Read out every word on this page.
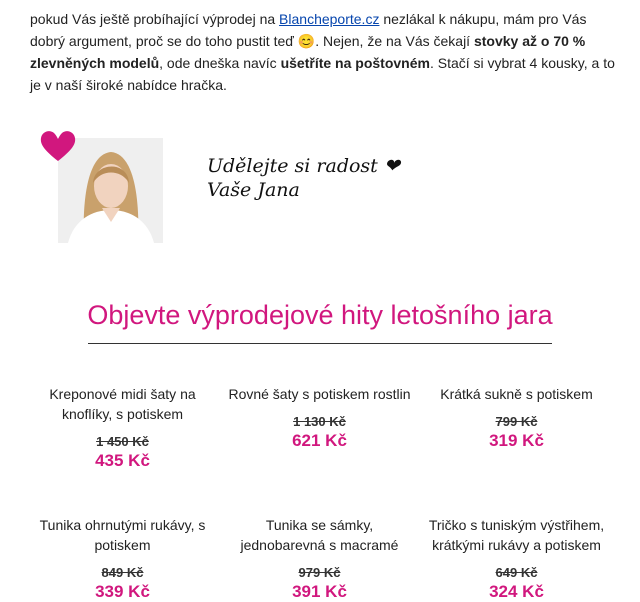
pokud Vás ještě probíhající výprodej na Blancheporte.cz nezlákal k nákupu, mám pro Vás dobrý argument, proč se do toho pustit teď 😊. Nejen, že na Vás čekají stovky až o 70 % zlevněných modelů, ode dneška navíc ušetříte na poštovném. Stačí si vybrat 4 kousky, a to je v naší široké nabídce hračka.
Udělejte si radost ❤
Vaše Jana
Objevte výprodejové hity letošního jara
Kreponové midi šaty na knoflíky, s potiskem
1 450 Kč
435 Kč
Rovné šaty s potiskem rostlin
1 130 Kč
621 Kč
Krátká sukně s potiskem
799 Kč
319 Kč
Tunika ohrnutými rukávy, s potiskem
849 Kč
339 Kč
Tunika se sámky, jednobarevná s macramé
979 Kč
391 Kč
Tričko s tuniským výstřihem, krátkými rukávy a potiskem
649 Kč
324 Kč
